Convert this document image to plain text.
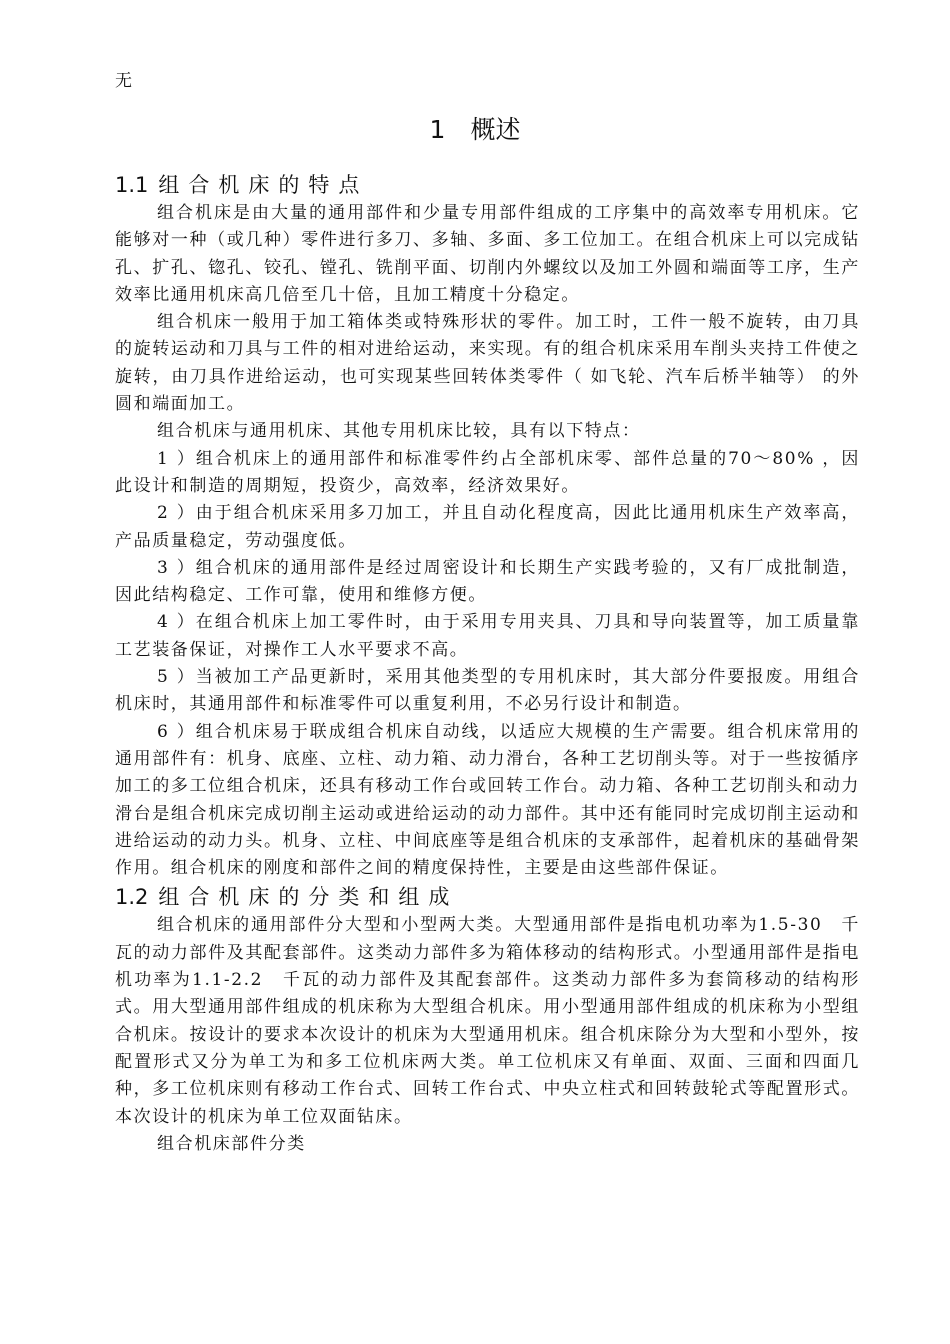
无
1　概述
1.1 组合机床的特点

组合机床是由大量的通用部件和少量专用部件组成的工序集中的高效率专用机床。它能够对一种（或几种）零件进行多刀、多轴、多面、多工位加工。在组合机床上可以完成钻孔、扩孔、锪孔、铰孔、镗孔、铣削平面、切削内外螺纹以及加工外圆和端面等工序，生产效率比通用机床高几倍至几十倍，且加工精度十分稳定。

组合机床一般用于加工箱体类或特殊形状的零件。加工时，工件一般不旋转，由刀具的旋转运动和刀具与工件的相对进给运动，来实现。有的组合机床采用车削头夹持工件使之旋转，由刀具作进给运动，也可实现某些回转体类零件（ 如飞轮、汽车后桥半轴等） 的外圆和端面加工。

组合机床与通用机床、其他专用机床比较，具有以下特点：

1 ）组合机床上的通用部件和标准零件约占全部机床零、部件总量的70～80% ，因此设计和制造的周期短，投资少，高效率，经济效果好。

2 ）由于组合机床采用多刀加工，并且自动化程度高，因此比通用机床生产效率高，产品质量稳定，劳动强度低。

3 ）组合机床的通用部件是经过周密设计和长期生产实践考验的，又有厂成批制造，因此结构稳定、工作可靠，使用和维修方便。

4 ）在组合机床上加工零件时，由于采用专用夹具、刀具和导向装置等，加工质量靠工艺装备保证，对操作工人水平要求不高。

5 ）当被加工产品更新时，采用其他类型的专用机床时，其大部分件要报废。用组合机床时，其通用部件和标准零件可以重复利用，不必另行设计和制造。

6 ）组合机床易于联成组合机床自动线，以适应大规模的生产需要。组合机床常用的通用部件有：机身、底座、立柱、动力箱、动力滑台，各种工艺切削头等。对于一些按循序加工的多工位组合机床，还具有移动工作台或回转工作台。动力箱、各种工艺切削头和动力滑台是组合机床完成切削主运动或进给运动的动力部件。其中还有能同时完成切削主运动和进给运动的动力头。机身、立柱、中间底座等是组合机床的支承部件，起着机床的基础骨架作用。组合机床的刚度和部件之间的精度保持性，主要是由这些部件保证。

1.2 组合机床的分类和组成

组合机床的通用部件分大型和小型两大类。大型通用部件是指电机功率为1.5-30　千瓦的动力部件及其配套部件。这类动力部件多为箱体移动的结构形式。小型通用部件是指电机功率为1.1-2.2　千瓦的动力部件及其配套部件。这类动力部件多为套筒移动的结构形式。用大型通用部件组成的机床称为大型组合机床。用小型通用部件组成的机床称为小型组合机床。按设计的要求本次设计的机床为大型通用机床。组合机床除分为大型和小型外，按配置形式又分为单工为和多工位机床两大类。单工位机床又有单面、双面、三面和四面几种，多工位机床则有移动工作台式、回转工作台式、中央立柱式和回转鼓轮式等配置形式。本次设计的机床为单工位双面钻床。

组合机床部件分类
